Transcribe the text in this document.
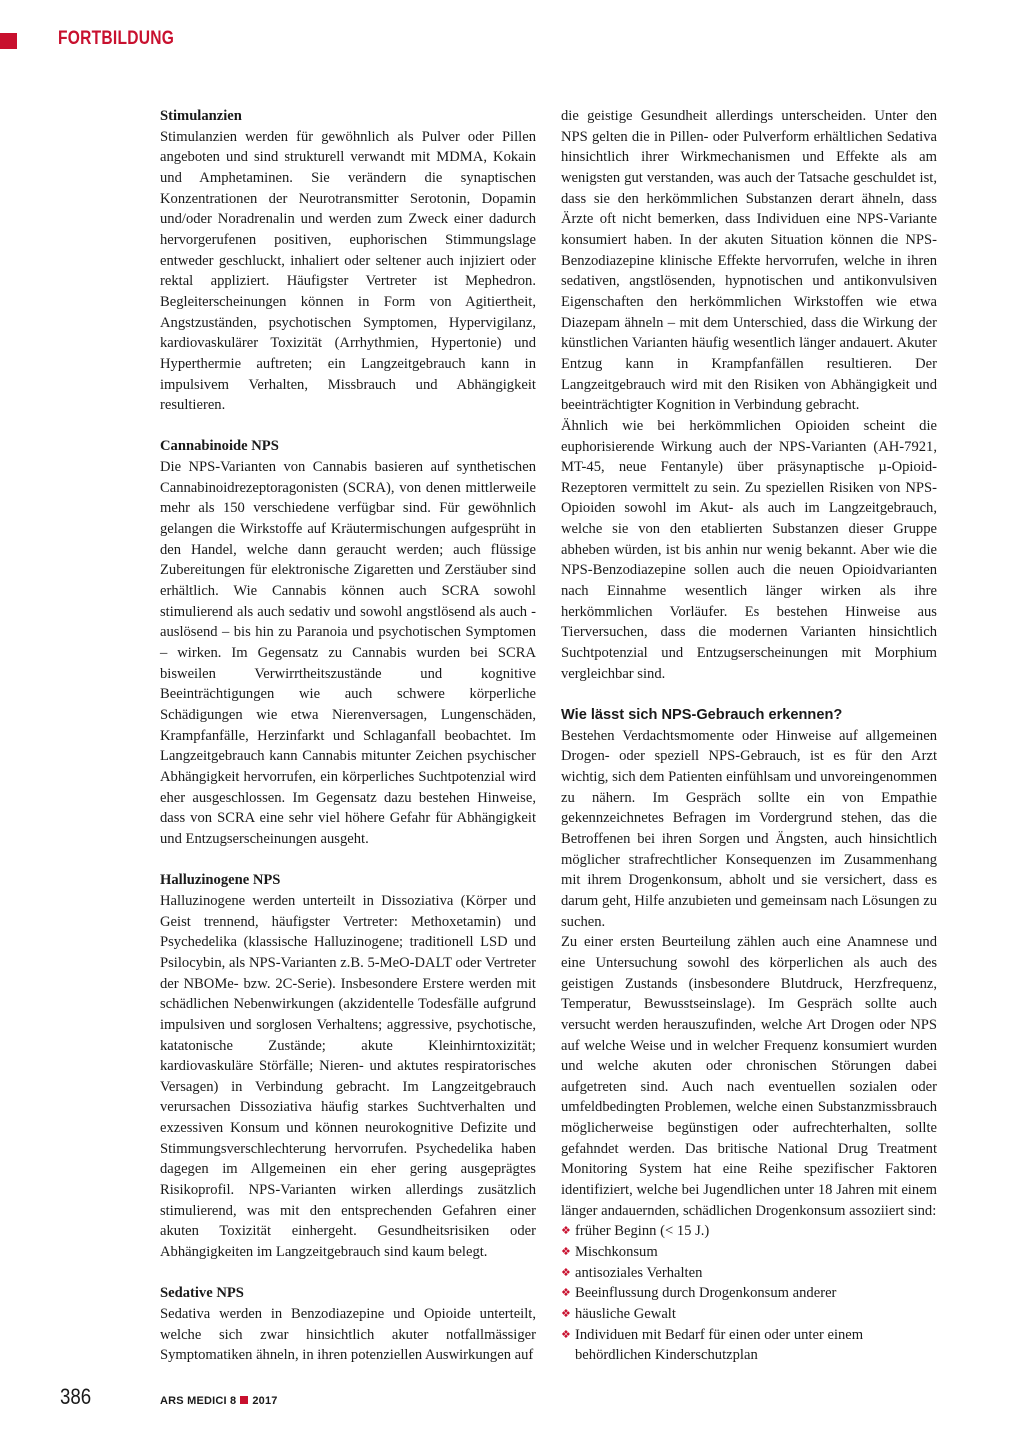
FORTBILDUNG
Stimulanzien

Stimulanzien werden für gewöhnlich als Pulver oder Pillen angeboten und sind strukturell verwandt mit MDMA, Kokain und Amphetaminen. Sie verändern die synaptischen Konzentrationen der Neurotransmitter Serotonin, Dopamin und/oder Noradrenalin und werden zum Zweck einer dadurch hervorgerufenen positiven, euphorischen Stimmungslage entweder geschluckt, inhaliert oder seltener auch injiziert oder rektal appliziert. Häufigster Vertreter ist Mephedron. Begleiterscheinungen können in Form von Agitiertheit, Angstzuständen, psychotischen Symptomen, Hypervigilanz, kardiovaskulärer Toxizität (Arrhythmien, Hypertonie) und Hyperthermie auftreten; ein Langzeitgebrauch kann in impulsivem Verhalten, Missbrauch und Abhängigkeit resultieren.

Cannabinoide NPS

Die NPS-Varianten von Cannabis basieren auf synthetischen Cannabinoidrezeptoragonisten (SCRA), von denen mittlerweile mehr als 150 verschiedene verfügbar sind. Für gewöhnlich gelangen die Wirkstoffe auf Kräutermischungen aufgesprüht in den Handel, welche dann geraucht werden; auch flüssige Zubereitungen für elektronische Zigaretten und Zerstäuber sind erhältlich. Wie Cannabis können auch SCRA sowohl stimulierend als auch sedativ und sowohl angstlösend als auch -auslösend – bis hin zu Paranoia und psychotischen Symptomen – wirken. Im Gegensatz zu Cannabis wurden bei SCRA bisweilen Verwirrtheitszustände und kognitive Beeinträchtigungen wie auch schwere körperliche Schädigungen wie etwa Nierenversagen, Lungenschäden, Krampfanfälle, Herzinfarkt und Schlaganfall beobachtet. Im Langzeitgebrauch kann Cannabis mitunter Zeichen psychischer Abhängigkeit hervorrufen, ein körperliches Suchtpotenzial wird eher ausgeschlossen. Im Gegensatz dazu bestehen Hinweise, dass von SCRA eine sehr viel höhere Gefahr für Abhängigkeit und Entzugserscheinungen ausgeht.

Halluzinogene NPS

Halluzinogene werden unterteilt in Dissoziativa (Körper und Geist trennend, häufigster Vertreter: Methoxetamin) und Psychedelika (klassische Halluzinogene; traditionell LSD und Psilocybin, als NPS-Varianten z.B. 5-MeO-DALT oder Vertreter der NBOMe- bzw. 2C-Serie). Insbesondere Erstere werden mit schädlichen Nebenwirkungen (akzidentelle Todesfälle aufgrund impulsiven und sorglosen Verhaltens; aggressive, psychotische, katatonische Zustände; akute Kleinhirntoxizität; kardiovaskuläre Störfälle; Nieren- und aktutes respiratorisches Versagen) in Verbindung gebracht. Im Langzeitgebrauch verursachen Dissoziativa häufig starkes Suchtverhalten und exzessiven Konsum und können neurokognitive Defizite und Stimmungsverschlechterung hervorrufen. Psychedelika haben dagegen im Allgemeinen ein eher gering ausgeprägtes Risikoprofil. NPS-Varianten wirken allerdings zusätzlich stimulierend, was mit den entsprechenden Gefahren einer akuten Toxizität einhergeht. Gesundheitsrisiken oder Abhängigkeiten im Langzeitgebrauch sind kaum belegt.

Sedative NPS

Sedativa werden in Benzodiazepine und Opioide unterteilt, welche sich zwar hinsichtlich akuter notfallmässiger Symptomatiken ähneln, in ihren potenziellen Auswirkungen auf

die geistige Gesundheit allerdings unterscheiden. Unter den NPS gelten die in Pillen- oder Pulverform erhältlichen Sedativa hinsichtlich ihrer Wirkmechanismen und Effekte als am wenigsten gut verstanden, was auch der Tatsache geschuldet ist, dass sie den herkömmlichen Substanzen derart ähneln, dass Ärzte oft nicht bemerken, dass Individuen eine NPS-Variante konsumiert haben. In der akuten Situation können die NPS-Benzodiazepine klinische Effekte hervorrufen, welche in ihren sedativen, angstlösenden, hypnotischen und antikonvulsiven Eigenschaften den herkömmlichen Wirkstoffen wie etwa Diazepam ähneln – mit dem Unterschied, dass die Wirkung der künstlichen Varianten häufig wesentlich länger andauert. Akuter Entzug kann in Krampfanfällen resultieren. Der Langzeitgebrauch wird mit den Risiken von Abhängigkeit und beeinträchtigter Kognition in Verbindung gebracht.

Ähnlich wie bei herkömmlichen Opioiden scheint die euphorisierende Wirkung auch der NPS-Varianten (AH-7921, MT-45, neue Fentanyle) über präsynaptische µ-Opioid-Rezeptoren vermittelt zu sein. Zu speziellen Risiken von NPS-Opioiden sowohl im Akut- als auch im Langzeitgebrauch, welche sie von den etablierten Substanzen dieser Gruppe abheben würden, ist bis anhin nur wenig bekannt. Aber wie die NPS-Benzodiazepine sollen auch die neuen Opioidvarianten nach Einnahme wesentlich länger wirken als ihre herkömmlichen Vorläufer. Es bestehen Hinweise aus Tierversuchen, dass die modernen Varianten hinsichtlich Suchtpotenzial und Entzugserscheinungen mit Morphium vergleichbar sind.

Wie lässt sich NPS-Gebrauch erkennen?

Bestehen Verdachtsmomente oder Hinweise auf allgemeinen Drogen- oder speziell NPS-Gebrauch, ist es für den Arzt wichtig, sich dem Patienten einfühlsam und unvoreingenommen zu nähern. Im Gespräch sollte ein von Empathie gekennzeichnetes Befragen im Vordergrund stehen, das die Betroffenen bei ihren Sorgen und Ängsten, auch hinsichtlich möglicher strafrechtlicher Konsequenzen im Zusammenhang mit ihrem Drogenkonsum, abholt und sie versichert, dass es darum geht, Hilfe anzubieten und gemeinsam nach Lösungen zu suchen.

Zu einer ersten Beurteilung zählen auch eine Anamnese und eine Untersuchung sowohl des körperlichen als auch des geistigen Zustands (insbesondere Blutdruck, Herzfrequenz, Temperatur, Bewusstseinslage). Im Gespräch sollte auch versucht werden herauszufinden, welche Art Drogen oder NPS auf welche Weise und in welcher Frequenz konsumiert wurden und welche akuten oder chronischen Störungen dabei aufgetreten sind. Auch nach eventuellen sozialen oder umfeldbedingten Problemen, welche einen Substanzmissbrauch möglicherweise begünstigen oder aufrechterhalten, sollte gefahndet werden. Das britische National Drug Treatment Monitoring System hat eine Reihe spezifischer Faktoren identifiziert, welche bei Jugendlichen unter 18 Jahren mit einem länger andauernden, schädlichen Drogenkonsum assoziiert sind:

❖ früher Beginn (< 15 J.)
❖ Mischkonsum
❖ antisoziales Verhalten
❖ Beeinflussung durch Drogenkonsum anderer
❖ häusliche Gewalt
❖ Individuen mit Bedarf für einen oder unter einem behördlichen Kinderschutzplan
386	ARS MEDICI 8 2017
